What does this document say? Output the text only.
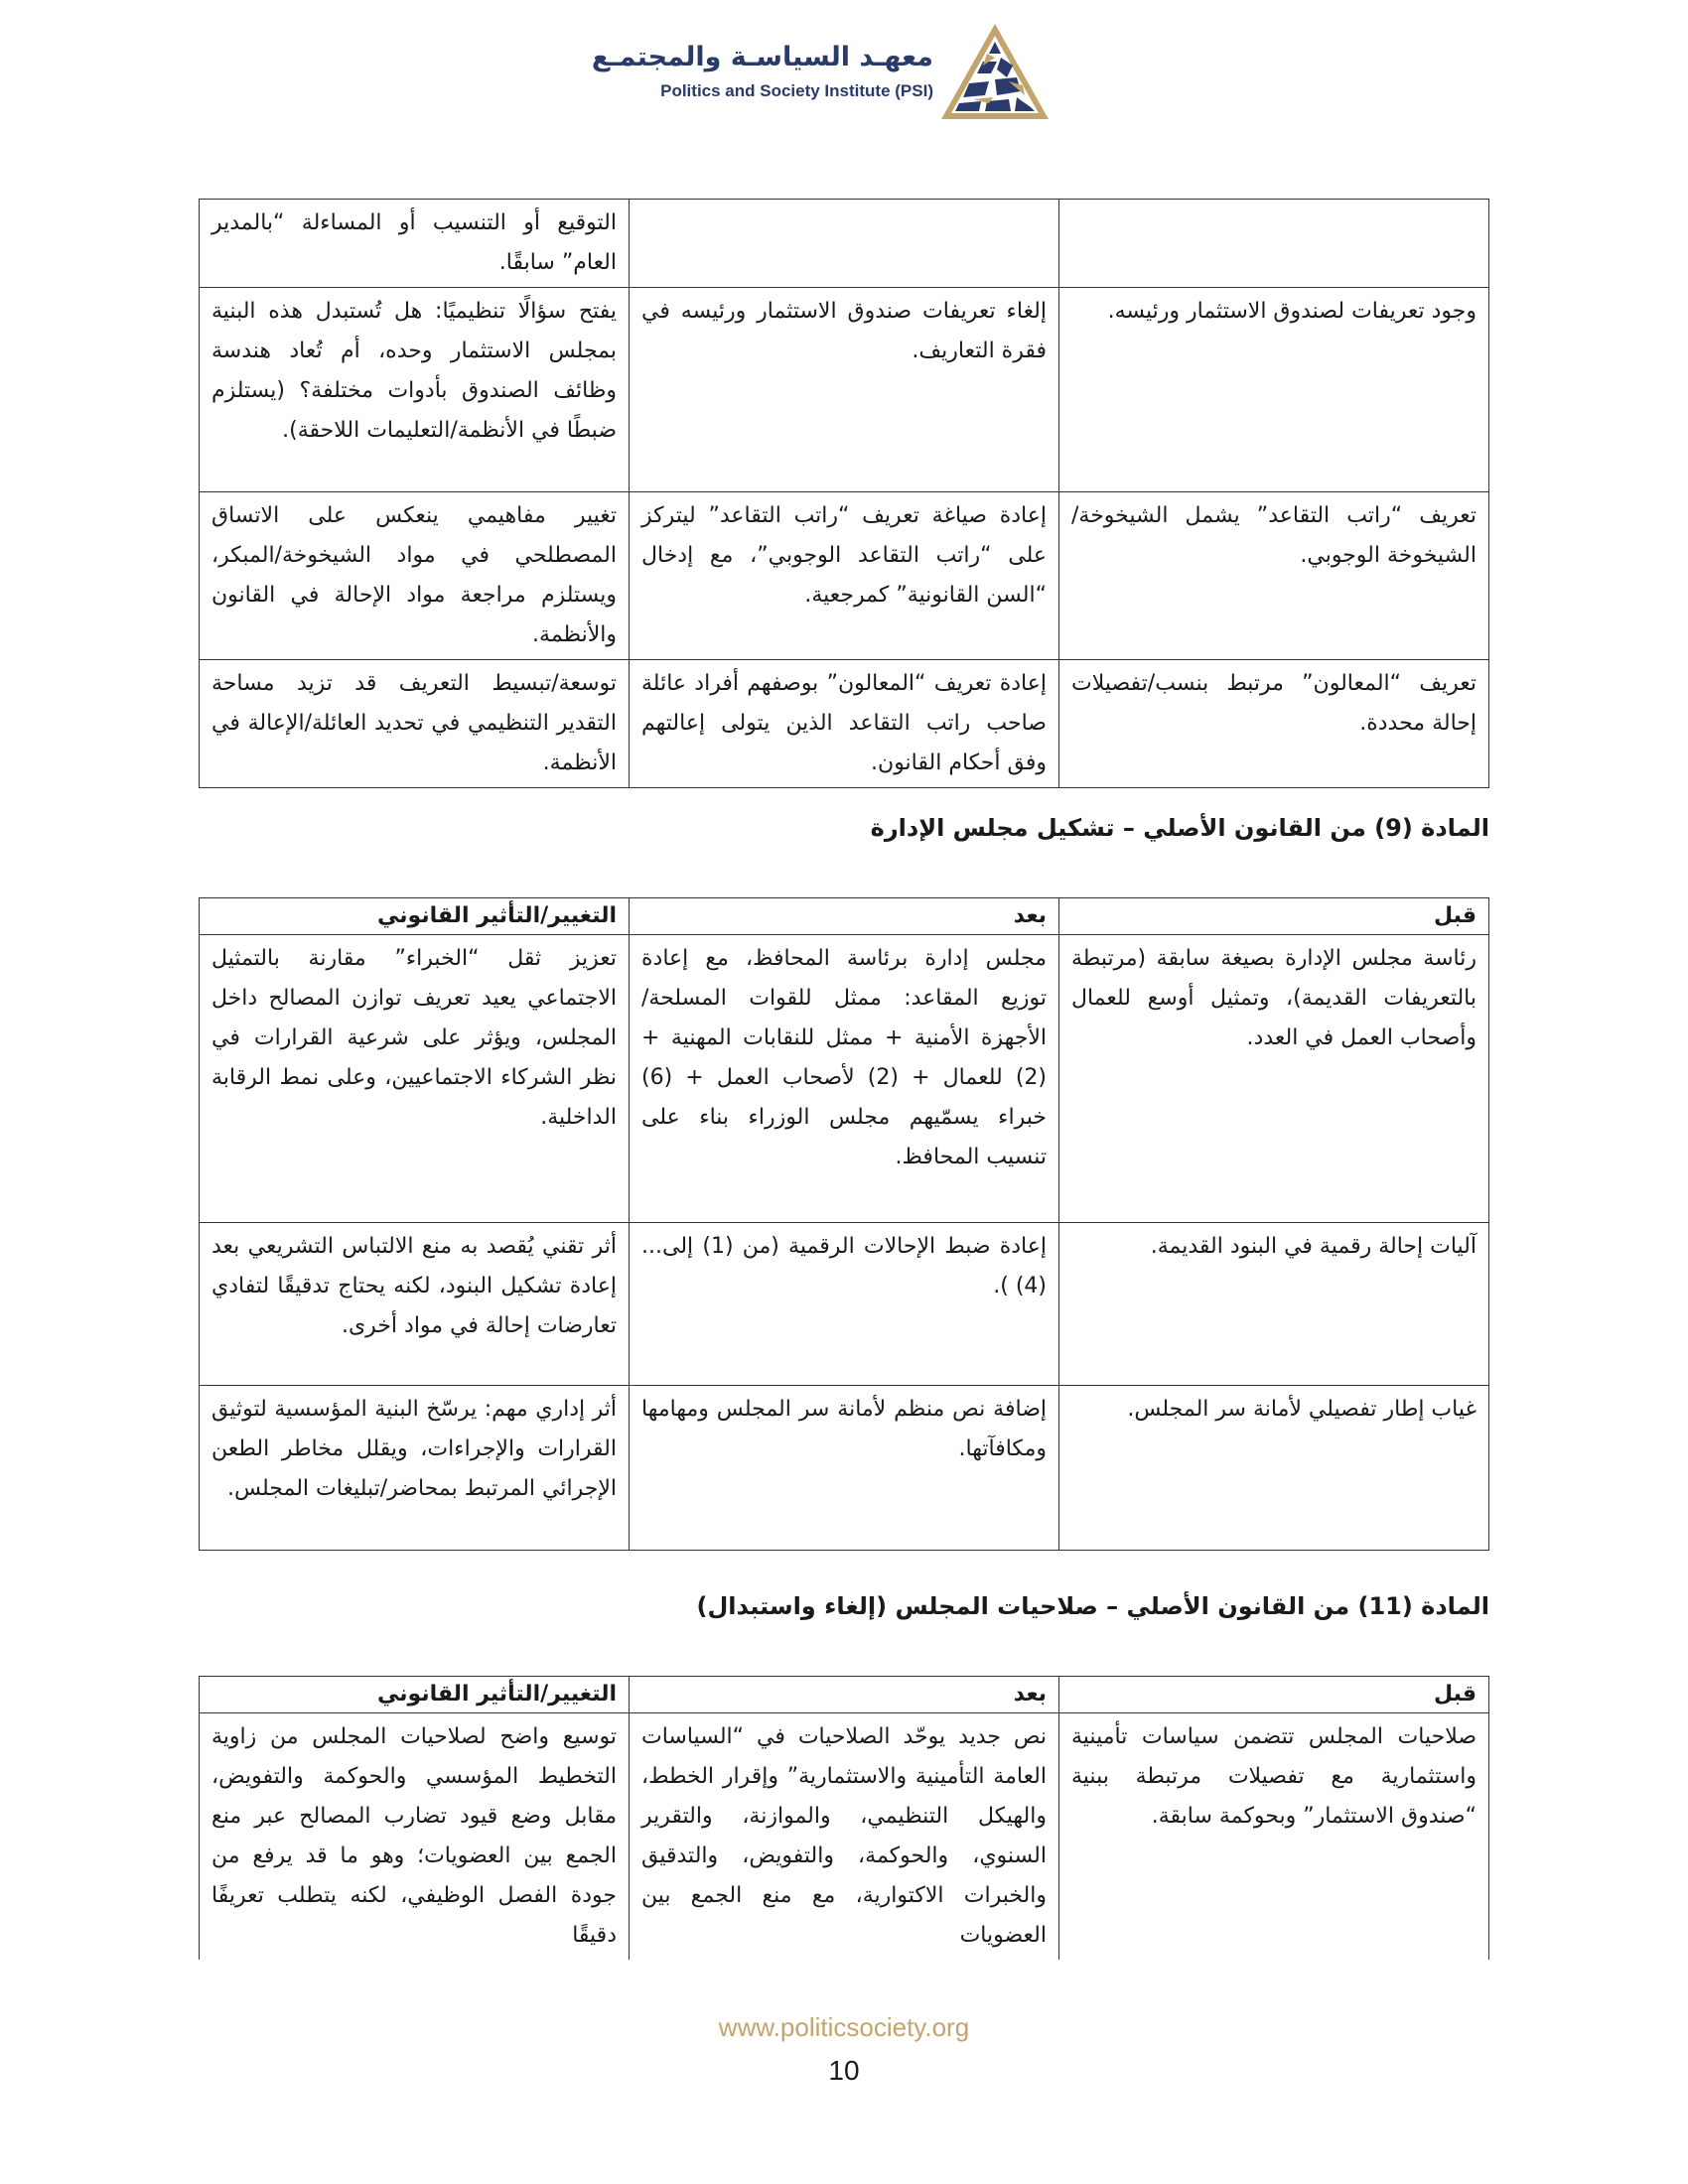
معهـد السياسـة والمجتمـع
Politics and Society Institute (PSI)
		التوقيع أو التنسيب أو المساءلة “بالمدير العام” سابقًا.
وجود تعريفات لصندوق الاستثمار ورئيسه.	إلغاء تعريفات صندوق الاستثمار ورئيسه في فقرة التعاريف.	يفتح سؤالًا تنظيميًا: هل تُستبدل هذه البنية بمجلس الاستثمار وحده، أم تُعاد هندسة وظائف الصندوق بأدوات مختلفة؟ (يستلزم ضبطًا في الأنظمة/التعليمات اللاحقة).
تعريف “راتب التقاعد” يشمل الشيخوخة/الشيخوخة الوجوبي.	إعادة صياغة تعريف “راتب التقاعد” ليتركز على “راتب التقاعد الوجوبي”، مع إدخال “السن القانونية” كمرجعية.	تغيير مفاهيمي ينعكس على الاتساق المصطلحي في مواد الشيخوخة/المبكر، ويستلزم مراجعة مواد الإحالة في القانون والأنظمة.
تعريف “المعالون” مرتبط بنسب/تفصيلات إحالة محددة.	إعادة تعريف “المعالون” بوصفهم أفراد عائلة صاحب راتب التقاعد الذين يتولى إعالتهم وفق أحكام القانون.	توسعة/تبسيط التعريف قد تزيد مساحة التقدير التنظيمي في تحديد العائلة/الإعالة في الأنظمة.
المادة (9) من القانون الأصلي – تشكيل مجلس الإدارة
قبل	بعد	التغيير/التأثير القانوني
رئاسة مجلس الإدارة بصيغة سابقة (مرتبطة بالتعريفات القديمة)، وتمثيل أوسع للعمال وأصحاب العمل في العدد.	مجلس إدارة برئاسة المحافظ، مع إعادة توزيع المقاعد: ممثل للقوات المسلحة/الأجهزة الأمنية + ممثل للنقابات المهنية + (2) للعمال + (2) لأصحاب العمل + (6) خبراء يسمّيهم مجلس الوزراء بناء على تنسيب المحافظ.	تعزيز ثقل “الخبراء” مقارنة بالتمثيل الاجتماعي يعيد تعريف توازن المصالح داخل المجلس، ويؤثر على شرعية القرارات في نظر الشركاء الاجتماعيين، وعلى نمط الرقابة الداخلية.
آليات إحالة رقمية في البنود القديمة.	إعادة ضبط الإحالات الرقمية (من (1) إلى...(4) ).	أثر تقني يُقصد به منع الالتباس التشريعي بعد إعادة تشكيل البنود، لكنه يحتاج تدقيقًا لتفادي تعارضات إحالة في مواد أخرى.
غياب إطار تفصيلي لأمانة سر المجلس.	إضافة نص منظم لأمانة سر المجلس ومهامها ومكافآتها.	أثر إداري مهم: يرسّخ البنية المؤسسية لتوثيق القرارات والإجراءات، ويقلل مخاطر الطعن الإجرائي المرتبط بمحاضر/تبليغات المجلس.
المادة (11) من القانون الأصلي – صلاحيات المجلس (إلغاء واستبدال)
قبل	بعد	التغيير/التأثير القانوني
صلاحيات المجلس تتضمن سياسات تأمينية واستثمارية مع تفصيلات مرتبطة ببنية “صندوق الاستثمار” وبحوكمة سابقة.	نص جديد يوحّد الصلاحيات في “السياسات العامة التأمينية والاستثمارية” وإقرار الخطط، والهيكل التنظيمي، والموازنة، والتقرير السنوي، والحوكمة، والتفويض، والتدقيق والخبرات الاكتوارية، مع منع الجمع بين العضويات	توسيع واضح لصلاحيات المجلس من زاوية التخطيط المؤسسي والحوكمة والتفويض، مقابل وضع قيود تضارب المصالح عبر منع الجمع بين العضويات؛ وهو ما قد يرفع من جودة الفصل الوظيفي، لكنه يتطلب تعريفًا دقيقًا
www.politicsociety.org
10
